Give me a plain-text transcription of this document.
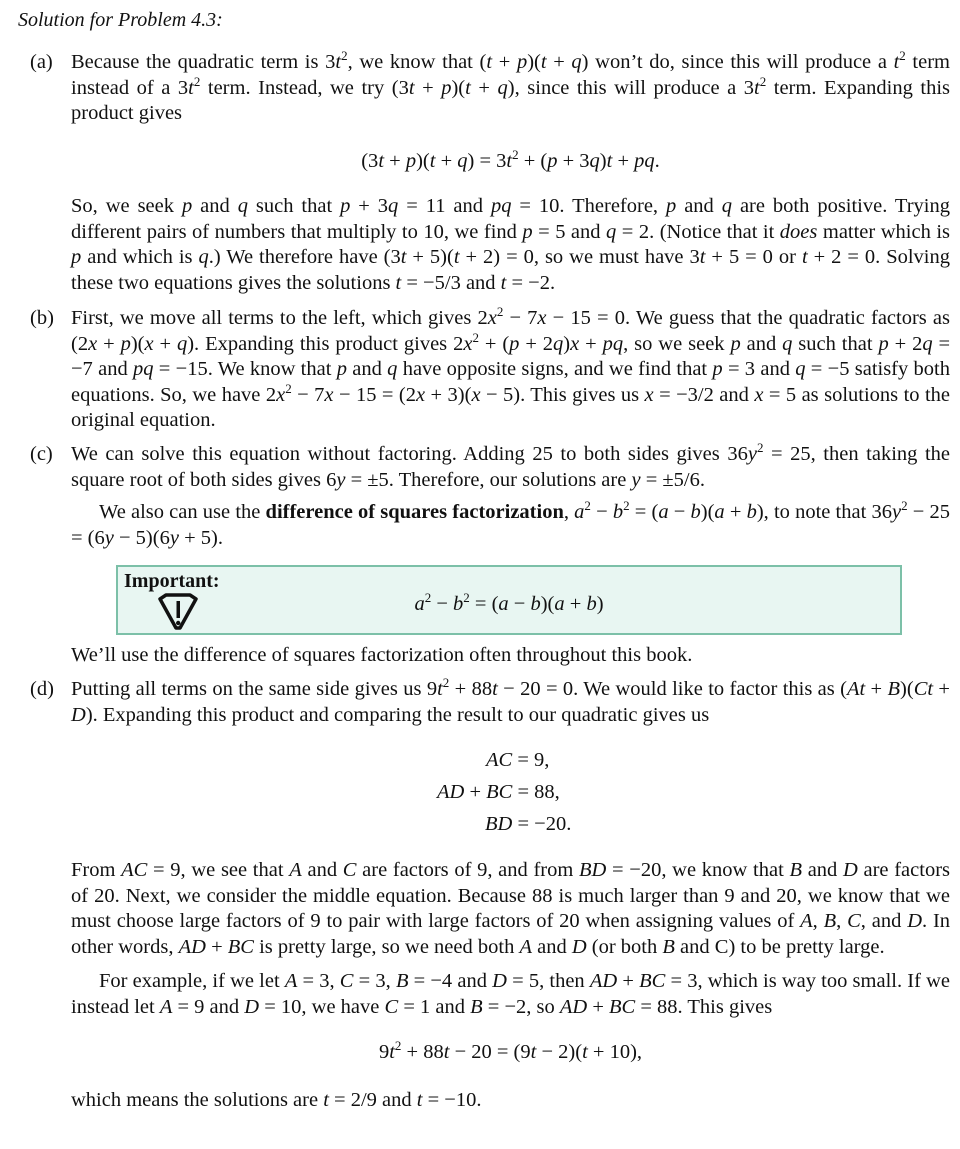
Solution for Problem 4.3:
(a) Because the quadratic term is $3t^2$, we know that (t + p)(t + q) won’t do, since this will produce a $t^2$ term instead of a $3t^2$ term. Instead, we try (3t + p)(t + q), since this will produce a $3t^2$ term. Expanding this product gives
$(3t + p)(t + q) = 3t^2 + (p + 3q)t$ + pq.
So, we seek p and q such that p + 3q = 11 and pq = 10. Therefore, p and q are both positive. Trying different pairs of numbers that multiply to 10, we find p = 5 and q = 2. (Notice that it does matter which is p and which is q.) We therefore have (3t + 5)(t + 2) = 0, so we must have 3t + 5 = 0 or t + 2 = 0. Solving these two equations gives the solutions t = −5/3 and t = −2.
(b) First, we move all terms to the left, which gives $2x^2 - 7x - 15 = 0$. We guess that the quadratic factors as (2x + p)(x + q). Expanding this product gives $2x^2 + (p + 2q)x$ + pq, so we seek p and q such that p + 2q = −7 and pq = −15. We know that p and q have opposite signs, and we find that p = 3 and q = −5 satisfy both equations. So, we have $2x^2 - 7x - 15 = (2x + 3)(x - 5)$. This gives us x = −3/2 and x = 5 as solutions to the original equation.
(c) We can solve this equation without factoring. Adding 25 to both sides gives $36y^2 = 25$, then taking the square root of both sides gives 6y = ±5. Therefore, our solutions are y = ±5/6.
We also can use the difference of squares factorization, $a^2 - b^2 = (a - b)(a + b)$, to note that $36y^2 - 25 = (6y - 5)(6y + 5)$.
Important:
$a^2 - b^2 = (a - b)(a + b)$
We’ll use the difference of squares factorization often throughout this book.
(d) Putting all terms on the same side gives us $9t^2 + 88t - 20 = 0$. We would like to factor this as (At + B)(Ct + D). Expanding this product and comparing the result to our quadratic gives us
AC = 9,
AD + BC = 88,
BD = −20.
From AC = 9, we see that A and C are factors of 9, and from BD = −20, we know that B and D are factors of 20. Next, we consider the middle equation. Because 88 is much larger than 9 and 20, we know that we must choose large factors of 9 to pair with large factors of 20 when assigning values of A, B, C, and D. In other words, AD + BC is pretty large, so we need both A and D (or both B and C) to be pretty large.
For example, if we let A = 3, C = 3, B = −4 and D = 5, then AD + BC = 3, which is way too small. If we instead let A = 9 and D = 10, we have C = 1 and B = −2, so AD + BC = 88. This gives
$9t^2 + 88t - 20 = (9t - 2)(t + 10)$,
which means the solutions are t = 2/9 and t = −10.
